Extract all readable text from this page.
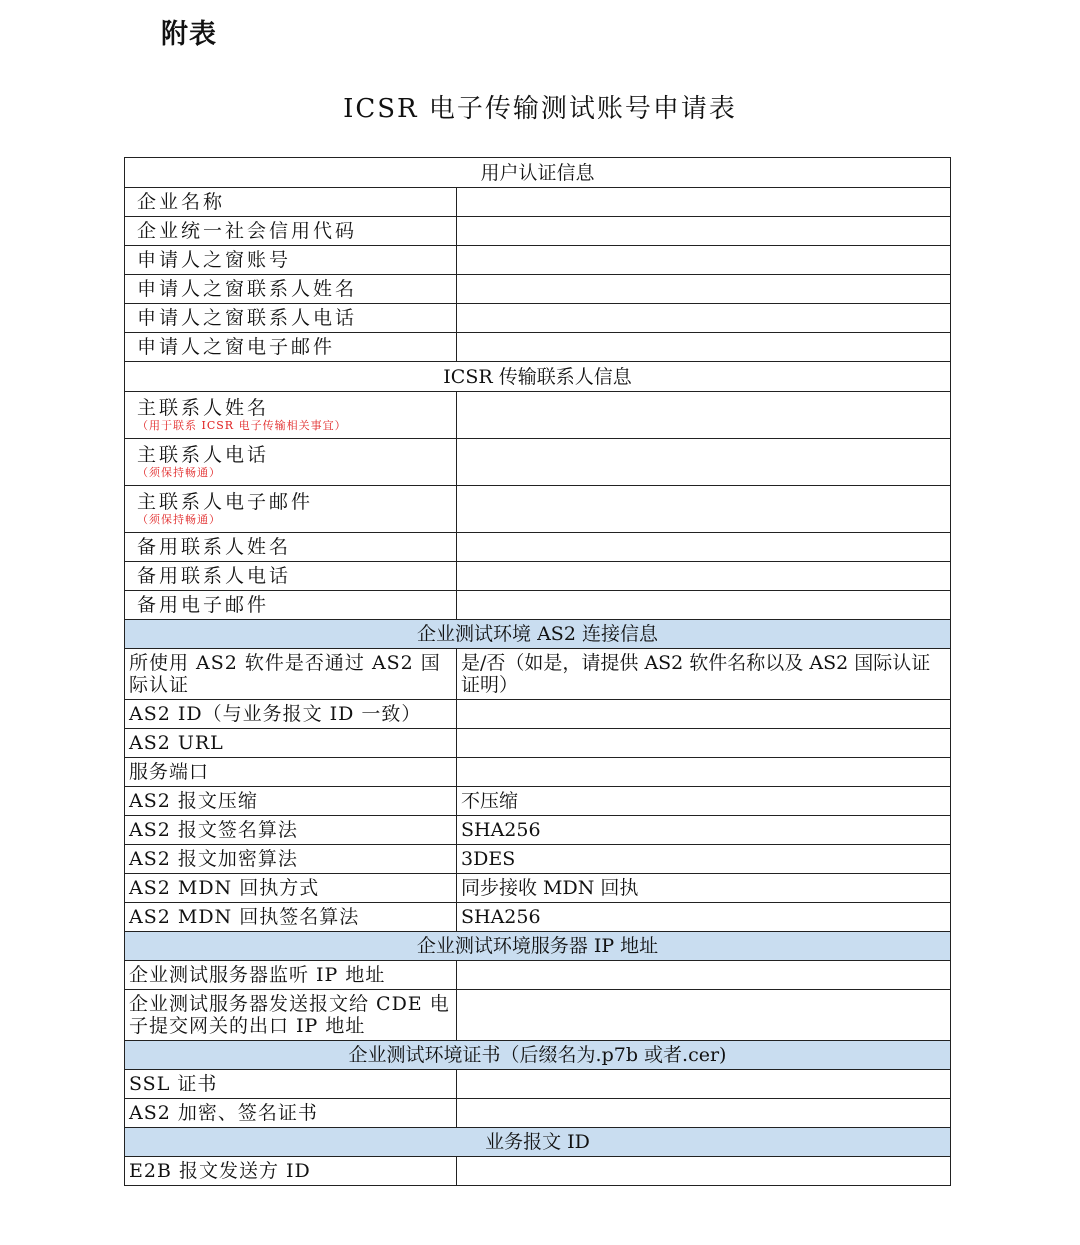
附表
ICSR 电子传输测试账号申请表
用户认证信息	
企业名称	
企业统一社会信用代码	
申请人之窗账号	
申请人之窗联系人姓名	
申请人之窗联系人电话	
申请人之窗电子邮件	
ICSR 传输联系人信息	
主联系人姓名
（用于联系 ICSR 电子传输相关事宜）	

主联系人电话
（须保持畅通）	

主联系人电子邮件
（须保持畅通）	

备用联系人姓名	
备用联系人电话	
备用电子邮件	
企业测试环境 AS2 连接信息	
所使用 AS2 软件是否通过 AS2 国际认证	是/否（如是，请提供 AS2 软件名称以及 AS2 国际认证证明）
AS2 ID（与业务报文 ID 一致）	
AS2 URL	
服务端口	
AS2 报文压缩	不压缩
AS2 报文签名算法	SHA256
AS2 报文加密算法	3DES
AS2 MDN 回执方式	同步接收 MDN 回执
AS2 MDN 回执签名算法	SHA256
企业测试环境服务器 IP 地址	
企业测试服务器监听 IP 地址	
企业测试服务器发送报文给 CDE 电子提交网关的出口 IP 地址	
企业测试环境证书（后缀名为.p7b 或者.cer)	
SSL 证书	
AS2 加密、签名证书	
业务报文 ID	
E2B 报文发送方 ID	
